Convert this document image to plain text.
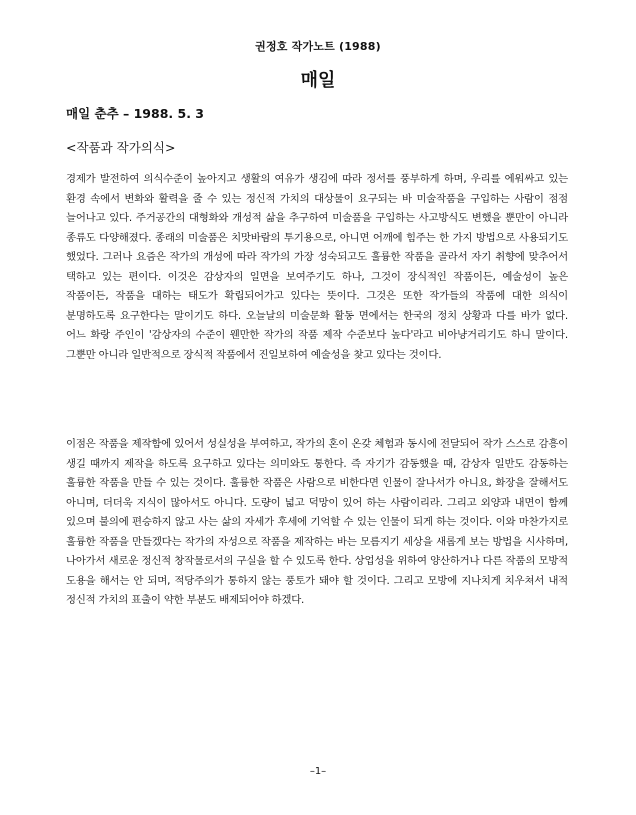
권정호 작가노트 (1988)
매일
매일 춘추 – 1988. 5. 3
<작품과 작가의식>
경제가 발전하여 의식수준이 높아지고 생활의 여유가 생김에 따라 정서를 풍부하게 하며, 우리를 에워싸고 있는 환경 속에서 변화와 활력을 줄 수 있는 정신적 가치의 대상물이 요구되는 바 미술작품을 구입하는 사람이 점점 늘어나고 있다. 주거공간의 대형화와 개성적 삶을 추구하여 미술품을 구입하는 사고방식도 변했을 뿐만이 아니라 종류도 다양해졌다. 종래의 미술품은 치맛바람의 투기용으로, 아니면 어깨에 힘주는 한 가지 방법으로 사용되기도 했었다. 그러나 요즘은 작가의 개성에 따라 작가의 가장 성숙되고도 훌륭한 작품을 골라서 자기 취향에 맞추어서 택하고 있는 편이다. 이것은 감상자의 일면을 보여주기도 하나, 그것이 장식적인 작품이든, 예술성이 높은 작품이든, 작품을 대하는 태도가 확립되어가고 있다는 뜻이다. 그것은 또한 작가들의 작품에 대한 의식이 분명하도록 요구한다는 말이기도 하다. 오늘날의 미술문화 활동 면에서는 한국의 정치 상황과 다를 바가 없다. 어느 화랑 주인이 '감상자의 수준이 웬만한 작가의 작품 제작 수준보다 높다'라고 비아냥거리기도 하니 말이다. 그뿐만 아니라 일반적으로 장식적 작품에서 진일보하여 예술성을 찾고 있다는 것이다.
이점은 작품을 제작함에 있어서 성실성을 부여하고, 작가의 혼이 온갖 체험과 동시에 전달되어 작가 스스로 감흥이 생길 때까지 제작을 하도록 요구하고 있다는 의미와도 통한다. 즉 자기가 감동했을 때, 감상자 일반도 감동하는 훌륭한 작품을 만들 수 있는 것이다. 훌륭한 작품은 사람으로 비한다면 인물이 잘나서가 아니요, 화장을 잘해서도 아니며, 더더욱 지식이 많아서도 아니다. 도량이 넓고 덕망이 있어 하는 사람이리라. 그리고 외양과 내면이 함께 있으며 불의에 편승하지 않고 사는 삶의 자세가 후세에 기억할 수 있는 인물이 되게 하는 것이다. 이와 마찬가지로 훌륭한 작품을 만들겠다는 작가의 자성으로 작품을 제작하는 바는 모름지기 세상을 새롭게 보는 방법을 시사하며, 나아가서 새로운 정신적 창작물로서의 구실을 할 수 있도록 한다. 상업성을 위하여 양산하거나 다른 작품의 모방적 도용을 해서는 안 되며, 적당주의가 통하지 않는 풍토가 돼야 할 것이다. 그리고 모방에 지나치게 치우쳐서 내적 정신적 가치의 표출이 약한 부분도 배제되어야 하겠다.
–1–
